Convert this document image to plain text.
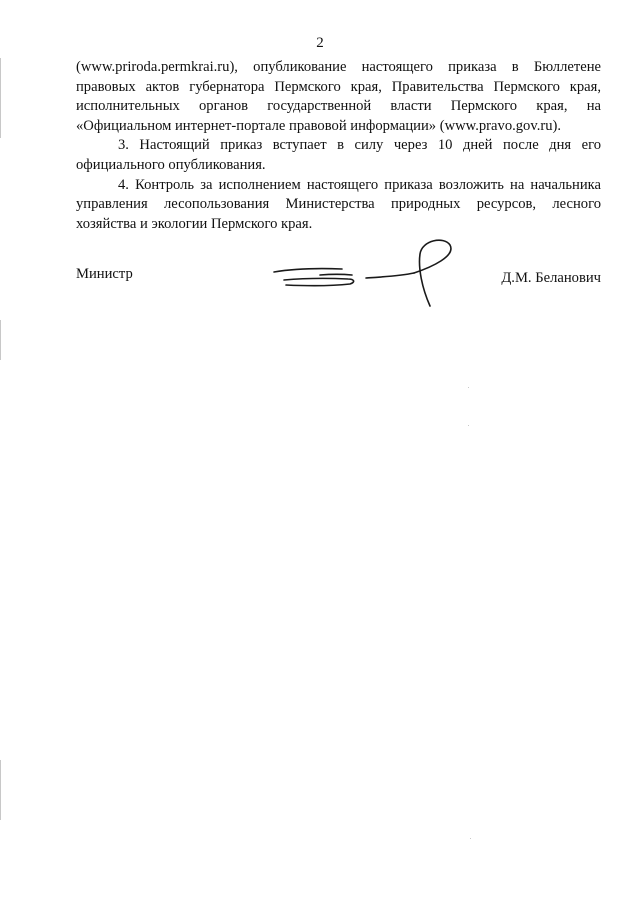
2

(www.priroda.permkrai.ru), опубликование настоящего приказа в Бюллетене правовых актов губернатора Пермского края, Правительства Пермского края, исполнительных органов государственной власти Пермского края, на «Официальном интернет-портале правовой информации» (www.pravo.gov.ru).

3. Настоящий приказ вступает в силу через 10 дней после дня его официального опубликования.

4. Контроль за исполнением настоящего приказа возложить на начальника управления лесопользования Министерства природных ресурсов, лесного хозяйства и экологии Пермского края.

Министр	Д.М. Беланович
